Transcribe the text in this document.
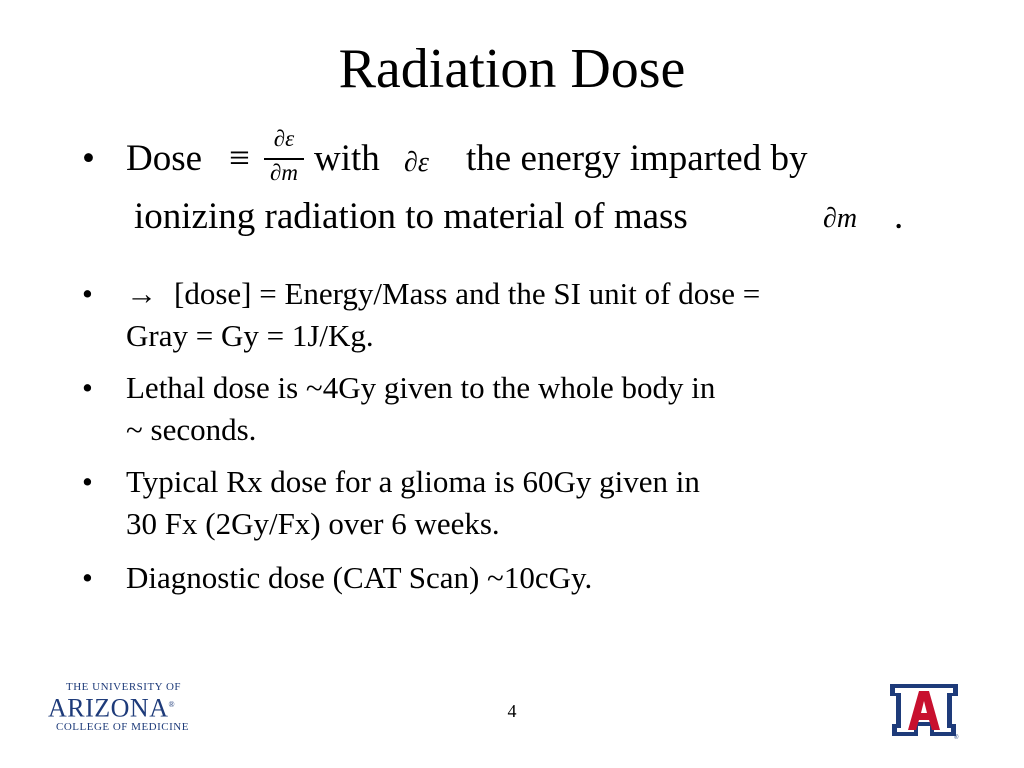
Radiation Dose
• Dose ≡	∂ε
∂m with ∂ε the energy imparted by
ionizing radiation to material of mass	∂m .
• → [dose] = Energy/Mass and the SI unit of dose =
Gray = Gy = 1J/Kg.
• Lethal dose is ~4Gy given to the whole body in
~ seconds.
• Typical Rx dose for a glioma is 60Gy given in
30 Fx (2Gy/Fx) over 6 weeks.
• Diagnostic dose (CAT Scan) ~10cGy.
4
THE UNIVERSITY OF
ARIZONA®
COLLEGE OF MEDICINE
®
